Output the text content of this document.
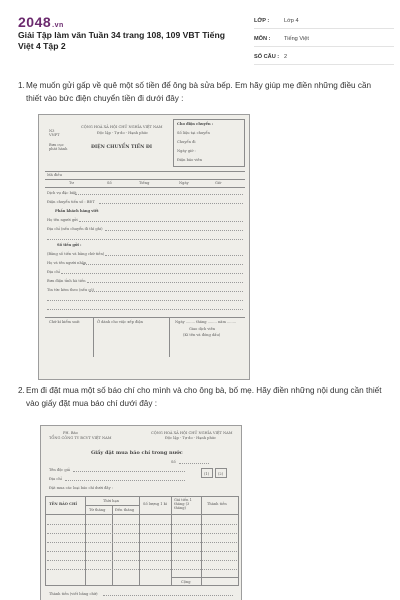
2048.vn
Giải Tập làm văn Tuần 34 trang 108, 109 VBT Tiếng Việt 4 Tập 2
LỚP :	Lớp 4
MÔN :	Tiếng Việt
SỐ CÂU : 2
1. Mẹ muốn gửi gấp về quê một số tiền để ông bà sửa bếp. Em hãy giúp mẹ điền những điều cần thiết vào bức điện chuyển tiền đi dưới đây :
N3
VNPT
Bưu cục
phát hành
CỘNG HOÀ XÃ HỘI CHỦ NGHĨA VIỆT NAM
Độc lập - Tự do - Hạnh phúc
ĐIỆN CHUYỂN TIỀN ĐI
Cho điện chuyển :
Số liệu tại chuyển
Chuyển đi
Ngày giờ :
Điện báo viên
Mã điều
Tư	Số	Tiếng	Ngày	Giờ
Dịch vụ đặc biệt
Điện chuyển tiền số : BĐT
Phần khách hàng viết
Họ tên người gửi
Địa chỉ (nếu chuyển đi thì ghi)
Số tiền gửi :
(Bằng số tiền và bằng chữ tiền)
Họ và tên người nhận
Địa chỉ
Bưu điện tỉnh hà tiền
Tin tức kèm theo (nếu có)
Chữ kí kiểm soát	Ở dành cho việc xếp điện	Ngày ........ tháng ........ năm ........
Giao dịch viên
(Kí tên và đóng dấu)
2. Em đi đặt mua một số báo chí cho mình và cho ông bà, bố mẹ. Hãy điền những nội dung cần thiết vào giấy đặt mua báo chí dưới đây :
PH. Báo
TỔNG CÔNG TY BCVT VIỆT NAM
CỘNG HOÀ XÃ HỘI CHỦ NGHĨA VIỆT NAM
Độc lập - Tự do - Hạnh phúc
Giấy đặt mua báo chí trong nước
Số
Tên độc giả
(1) (2)
Địa chỉ
Đặt mua các loại báo chí dưới đây :
TÊN BÁO CHÍ
Thời hạn
Từ tháng	Đến tháng
Số lượng 1 kì
Giá tiền 1 tháng (3 tháng)
Thành tiền
Cộng
Thành tiền (viết bằng chữ)
